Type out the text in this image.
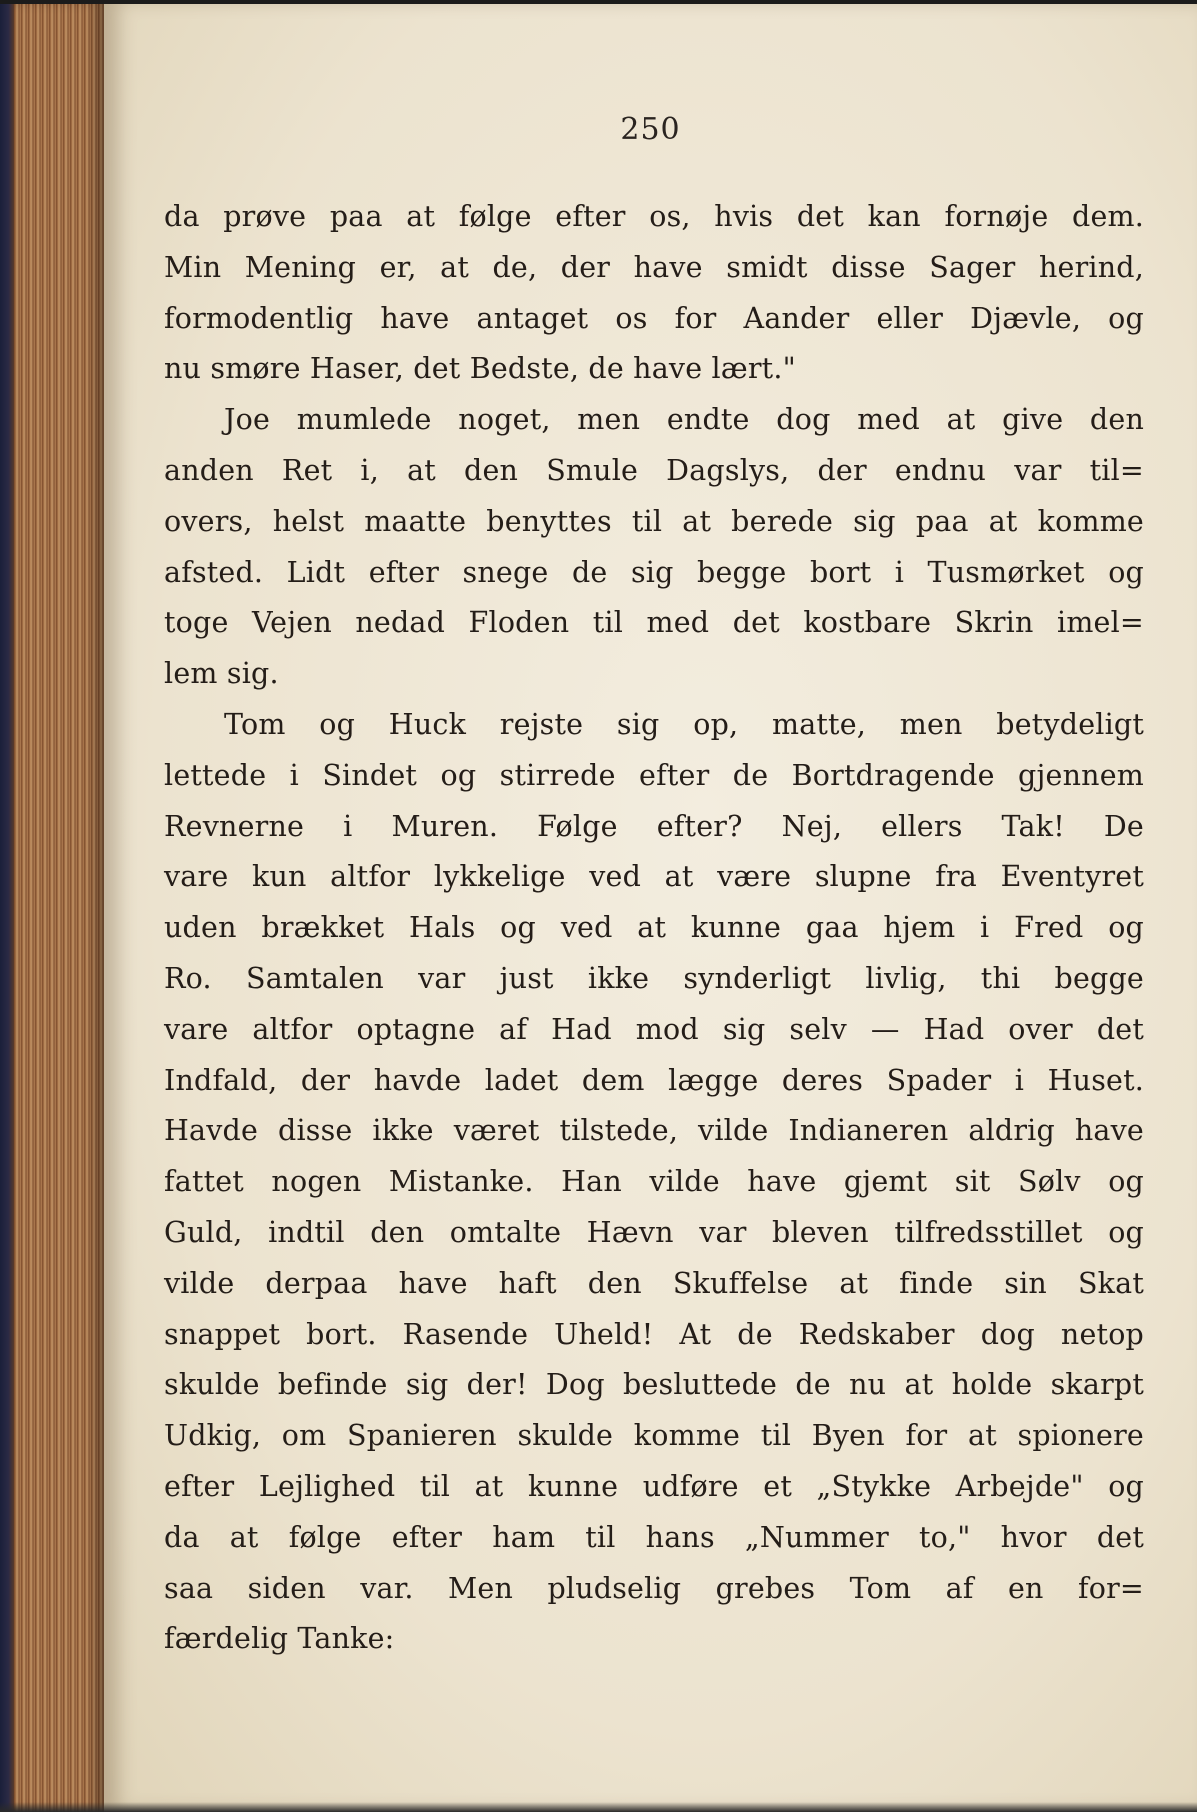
250
da prøve paa at følge efter os, hvis det kan fornøje dem.
Min Mening er, at de, der have smidt disse Sager herind,
formodentlig have antaget os for Aander eller Djævle, og
nu smøre Haser, det Bedste, de have lært."
Joe mumlede noget, men endte dog med at give den
anden Ret i, at den Smule Dagslys, der endnu var til=
overs, helst maatte benyttes til at berede sig paa at komme
afsted. Lidt efter snege de sig begge bort i Tusmørket og
toge Vejen nedad Floden til med det kostbare Skrin imel=
lem sig.
Tom og Huck rejste sig op, matte, men betydeligt
lettede i Sindet og stirrede efter de Bortdragende gjennem
Revnerne i Muren. Følge efter? Nej, ellers Tak! De
vare kun altfor lykkelige ved at være slupne fra Eventyret
uden brækket Hals og ved at kunne gaa hjem i Fred og
Ro. Samtalen var just ikke synderligt livlig, thi begge
vare altfor optagne af Had mod sig selv — Had over det
Indfald, der havde ladet dem lægge deres Spader i Huset.
Havde disse ikke været tilstede, vilde Indianeren aldrig have
fattet nogen Mistanke. Han vilde have gjemt sit Sølv og
Guld, indtil den omtalte Hævn var bleven tilfredsstillet og
vilde derpaa have haft den Skuffelse at finde sin Skat
snappet bort. Rasende Uheld! At de Redskaber dog netop
skulde befinde sig der! Dog besluttede de nu at holde skarpt
Udkig, om Spanieren skulde komme til Byen for at spionere
efter Lejlighed til at kunne udføre et „Stykke Arbejde" og
da at følge efter ham til hans „Nummer to," hvor det
saa siden var. Men pludselig grebes Tom af en for=
færdelig Tanke:
